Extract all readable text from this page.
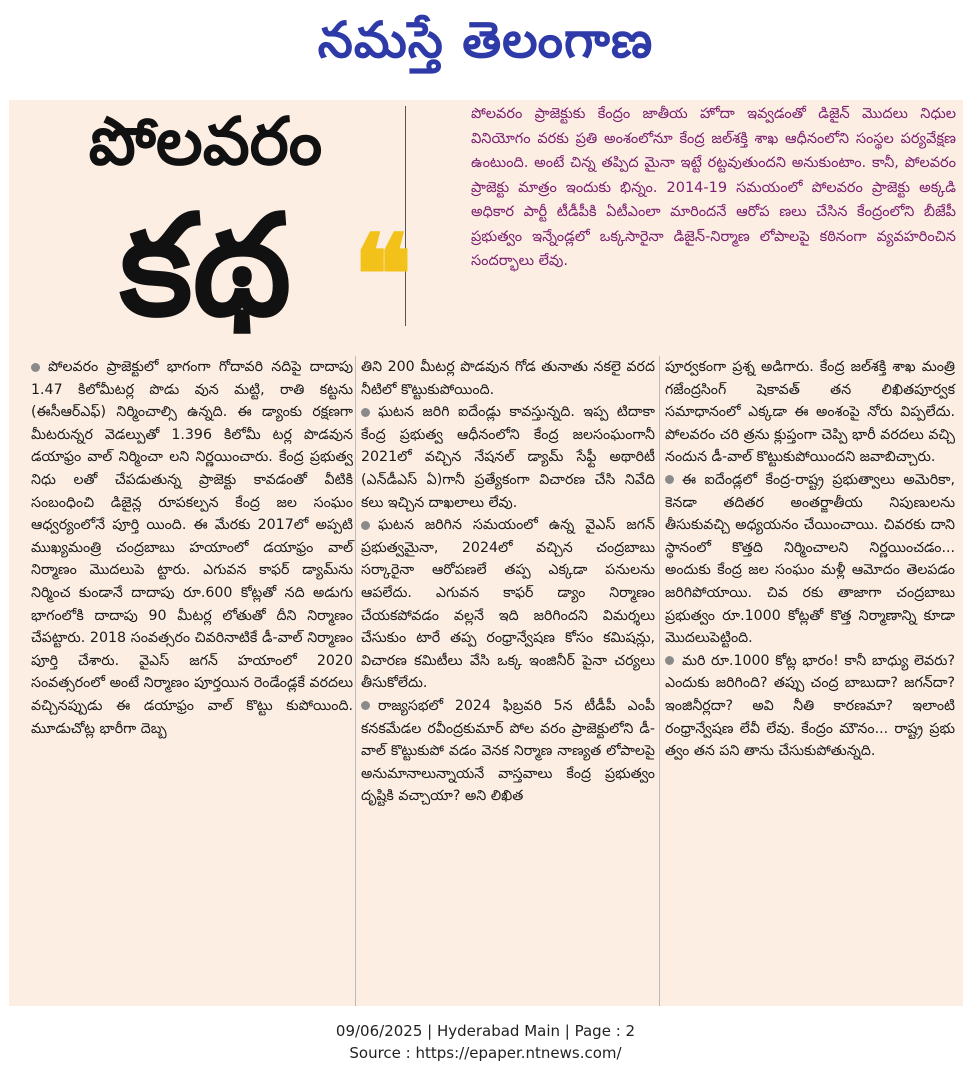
నమస్తే తెలంగాణ
పోలవరం
కథ ❝
పోలవరం ప్రాజెక్టుకు కేంద్రం జాతీయ హోదా ఇవ్వడంతో డిజైన్ మొదలు నిధుల వినియోగం వరకు ప్రతి అంశంలోనూ కేంద్ర జల్‌శక్తి శాఖ ఆధీనంలోని సంస్థల పర్యవేక్షణ ఉంటుంది. అంటే చిన్న తప్పిద మైనా ఇట్టే రట్టవుతుందని అనుకుంటాం. కానీ, పోలవరం ప్రాజెక్టు మాత్రం ఇందుకు భిన్నం. 2014-19 సమయంలో పోలవరం ప్రాజెక్టు అక్కడి అధికార పార్టీ టీడీపీకి ఏటీఎంలా మారిందనే ఆరోప ణలు చేసిన కేంద్రంలోని బీజేపీ ప్రభుత్వం ఇన్నేండ్లలో ఒక్కసారైనా డిజైన్-నిర్మాణ లోపాలపై కఠినంగా వ్యవహరించిన సందర్భాలు లేవు.

పోలవరం ప్రాజెక్టులో భాగంగా గోదావరి నదిపై దాదాపు 1.47 కిలోమీటర్ల పొడు వున మట్టి, రాతి కట్టను (ఈసీఆర్‌ఎఫ్) నిర్మించాల్సి ఉన్నది. ఈ డ్యాంకు రక్షణగా మీటరున్నర వెడల్పుతో 1.396 కిలోమీ టర్ల పొడవున డయాఫ్రం వాల్ నిర్మించా లని నిర్ణయించారు. కేంద్ర ప్రభుత్వ నిధు లతో చేపడుతున్న ప్రాజెక్టు కావడంతో వీటికి సంబంధించి డిజైన్ల రూపకల్పన కేంద్ర జల సంఘం ఆధ్వర్యంలోనే పూర్తి యింది. ఈ మేరకు 2017లో అప్పటి ముఖ్యమంత్రి చంద్రబాబు హయాంలో డయాఫ్రం వాల్ నిర్మాణం మొదలుపె ట్టారు. ఎగువన కాఫర్ డ్యామ్‌ను నిర్మించ కుండానే దాదాపు రూ.600 కోట్లతో నది అడుగు భాగంలోకి దాదాపు 90 మీటర్ల లోతుతో దీని నిర్మాణం చేపట్టారు. 2018 సంవత్సరం చివరినాటికే డీ-వాల్ నిర్మాణం పూర్తి చేశారు. వైఎస్ జగన్ హయాంలో 2020 సంవత్సరంలో అంటే నిర్మాణం పూర్తయిన రెండేండ్లకే వరదలు వచ్చినప్పుడు ఈ డయాఫ్రం వాల్ కొట్టు కుపోయింది. మూడుచోట్ల భారీగా దెబ్బ

తిని 200 మీటర్ల పొడవున గోడ తునాతు నకలై వరద నీటిలో కొట్టుకుపోయింది.

ఘటన జరిగి ఐదేండ్లు కావస్తున్నది. ఇప్ప టిదాకా కేంద్ర ప్రభుత్వ ఆధీనంలోని కేంద్ర జలసంఘంగానీ 2021లో వచ్చిన నేషనల్ డ్యామ్ సేఫ్టీ అథారిటీ (ఎన్‌డీఎస్ ఏ)గానీ ప్రత్యేకంగా విచారణ చేసి నివేది కలు ఇచ్చిన దాఖలాలు లేవు.

ఘటన జరిగిన సమయంలో ఉన్న వైఎస్ జగన్ ప్రభుత్వమైనా, 2024లో వచ్చిన చంద్రబాబు సర్కారైనా ఆరోపణలే తప్ప ఎక్కడా పనులను ఆపలేదు. ఎగువన కాఫర్ డ్యాం నిర్మాణం చేయకపోవడం వల్లనే ఇది జరిగిందని విమర్శలు చేసుకుం టారే తప్ప రంధ్రాన్వేషణ కోసం కమిషన్లు, విచారణ కమిటీలు వేసి ఒక్క ఇంజినీర్ పైనా చర్యలు తీసుకోలేదు.

రాజ్యసభలో 2024 ఫిబ్రవరి 5న టీడీపీ ఎంపీ కనకమేడల రవీంద్రకుమార్ పోల వరం ప్రాజెక్టులోని డీ-వాల్ కొట్టుకుపో వడం వెనక నిర్మాణ నాణ్యత లోపాలపై అనుమానాలున్నాయనే వాస్తవాలు కేంద్ర ప్రభుత్వం దృష్టికి వచ్చాయా? అని లిఖిత

పూర్వకంగా ప్రశ్న అడిగారు. కేంద్ర జల్‌శక్తి శాఖ మంత్రి గజేంద్రసింగ్ షెకావత్ తన లిఖితపూర్వక సమాధానంలో ఎక్కడా ఈ అంశంపై నోరు విప్పలేదు. పోలవరం చరి త్రను క్లుప్తంగా చెప్పి భారీ వరదలు వచ్చి నందున డీ-వాల్ కొట్టుకుపోయిందని జవాబిచ్చారు.

ఈ ఐదేండ్లలో కేంద్ర-రాష్ట్ర ప్రభుత్వాలు అమెరికా, కెనడా తదితర అంతర్జాతీయ నిపుణులను తీసుకువచ్చి అధ్యయనం చేయించాయి. చివరకు దాని స్థానంలో కొత్తది నిర్మించాలని నిర్ణయించడం... అందుకు కేంద్ర జల సంఘం మళ్లీ ఆమోదం తెలపడం జరిగిపోయాయి. చివ రకు తాజాగా చంద్రబాబు ప్రభుత్వం రూ.1000 కోట్లతో కొత్త నిర్మాణాన్ని కూడా మొదలుపెట్టింది.

మరి రూ.1000 కోట్ల భారం! కానీ బాధ్యు లెవరు? ఎందుకు జరిగింది? తప్పు చంద్ర బాబుదా? జగన్‌దా? ఇంజినీర్లదా? అవి నీతి కారణమా? ఇలాంటి రంధ్రాన్వేషణ లేవీ లేవు. కేంద్రం మౌనం... రాష్ట్ర ప్రభు త్వం తన పని తాను చేసుకుపోతున్నది.

09/06/2025 | Hyderabad Main | Page : 2
Source : https://epaper.ntnews.com/
